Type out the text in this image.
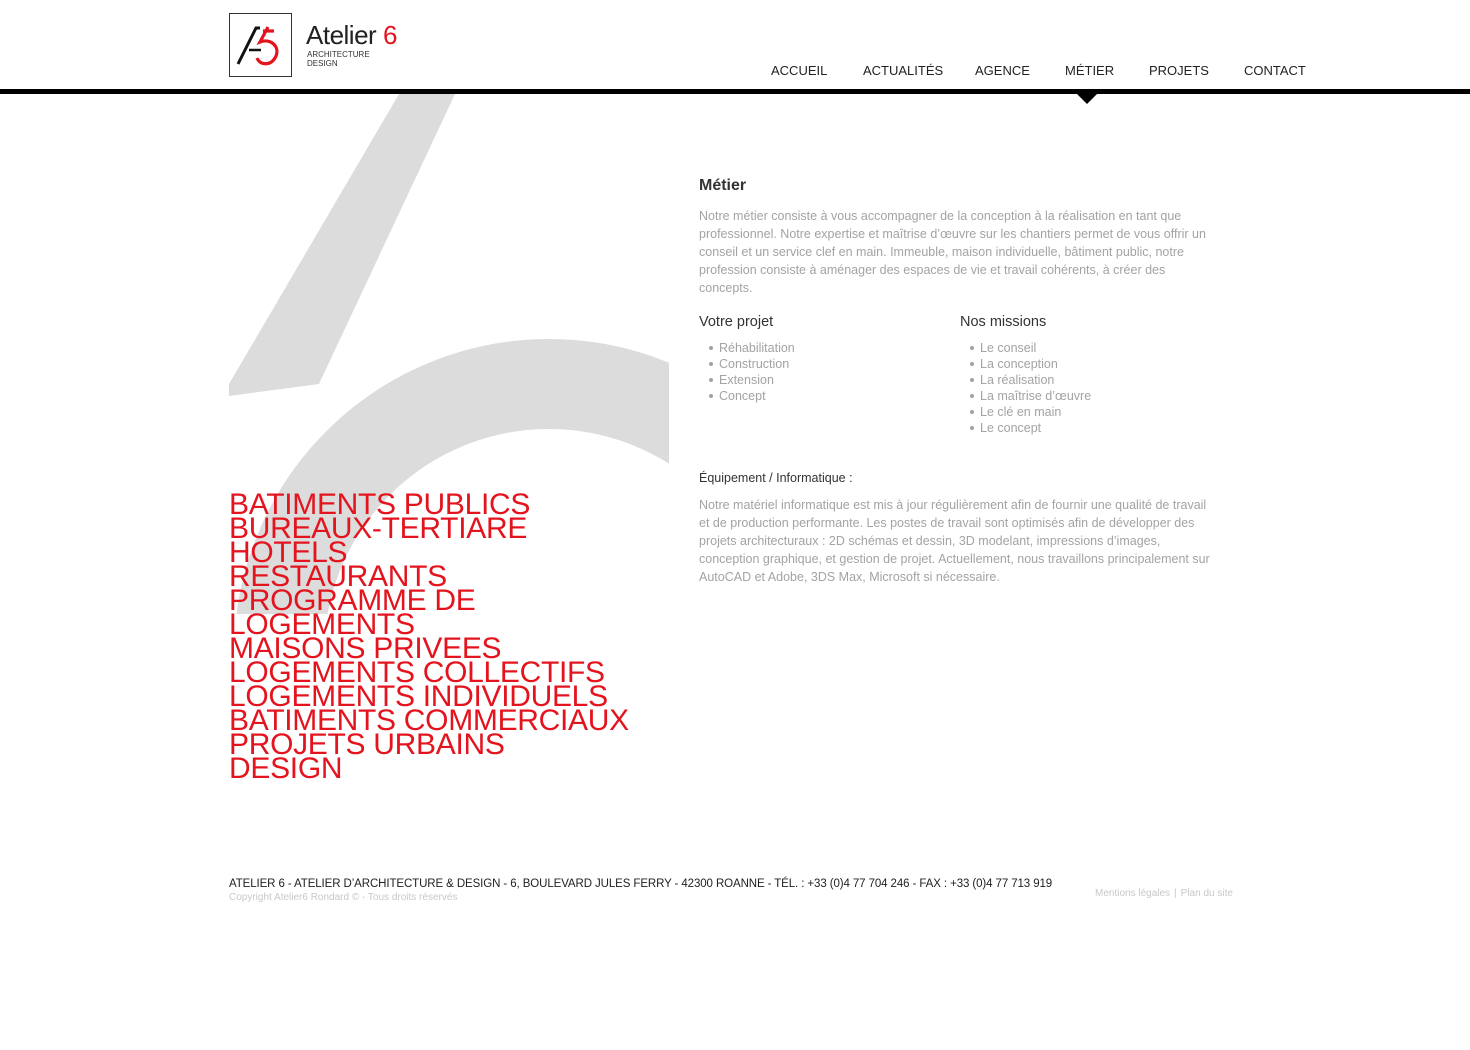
Atelier 6
ARCHITECTURE
DESIGN	ACCUEIL	ACTUALITÉS AGENCE	MÉTIER	PROJETS	CONTACT
BATIMENTS PUBLICS
BUREAUX-TERTIARE
HOTELS
RESTAURANTS
PROGRAMME DE
LOGEMENTS
MAISONS PRIVEES
LOGEMENTS COLLECTIFS
LOGEMENTS INDIVIDUELS
BATIMENTS COMMERCIAUX
PROJETS URBAINS
DESIGN
Métier

Notre métier consiste à vous accompagner de la conception à la réalisation en tant que professionnel. Notre expertise et maîtrise d’œuvre sur les chantiers permet de vous offrir un conseil et un service clef en main. Immeuble, maison individuelle, bâtiment public, notre profession consiste à aménager des espaces de vie et travail cohérents, à créer des concepts.

Votre projet
Réhabilitation
Construction
Extension
Concept
Nos missions
Le conseil
La conception
La réalisation
La maîtrise d’œuvre
Le clé en main
Le concept
Équipement / Informatique :

Notre matériel informatique est mis à jour régulièrement afin de fournir une qualité de travail et de production performante. Les postes de travail sont optimisés afin de développer des projets architecturaux : 2D schémas et dessin, 3D modelant, impressions d’images, conception graphique, et gestion de projet. Actuellement, nous travaillons principalement sur AutoCAD et Adobe, 3DS Max, Microsoft si nécessaire.

ATELIER 6 - ATELIER D’ARCHITECTURE & DESIGN - 6, BOULEVARD JULES FERRY - 42300 ROANNE - TÉL. : +33 (0)4 77 704 246 - FAX : +33 (0)4 77 713 919
Copyright Atelier6 Rondard © - Tous droits réservés	Mentions légales | Plan du site
